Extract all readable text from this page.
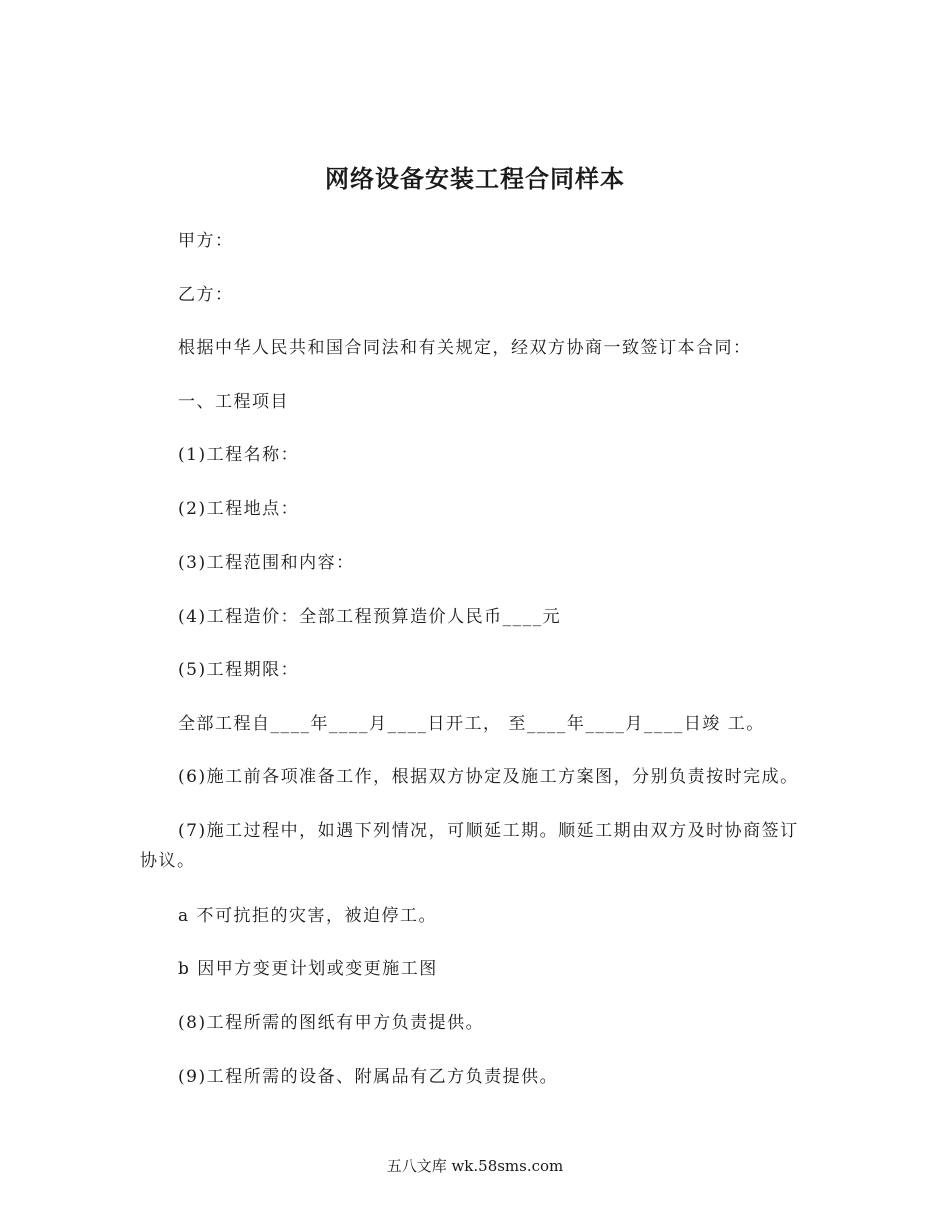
网络设备安装工程合同样本
甲方：
乙方：
根据中华人民共和国合同法和有关规定，经双方协商一致签订本合同：
一、工程项目
(1)工程名称：
(2)工程地点：
(3)工程范围和内容：
(4)工程造价：全部工程预算造价人民币____元
(5)工程期限：
全部工程自____年____月____日开工， 至____年____月____日竣 工。
(6)施工前各项准备工作，根据双方协定及施工方案图，分别负责按时完成。
(7)施工过程中，如遇下列情况，可顺延工期。顺延工期由双方及时协商签订
协议。
a 不可抗拒的灾害，被迫停工。
b 因甲方变更计划或变更施工图
(8)工程所需的图纸有甲方负责提供。
(9)工程所需的设备、附属品有乙方负责提供。
五八文库 wk.58sms.com
